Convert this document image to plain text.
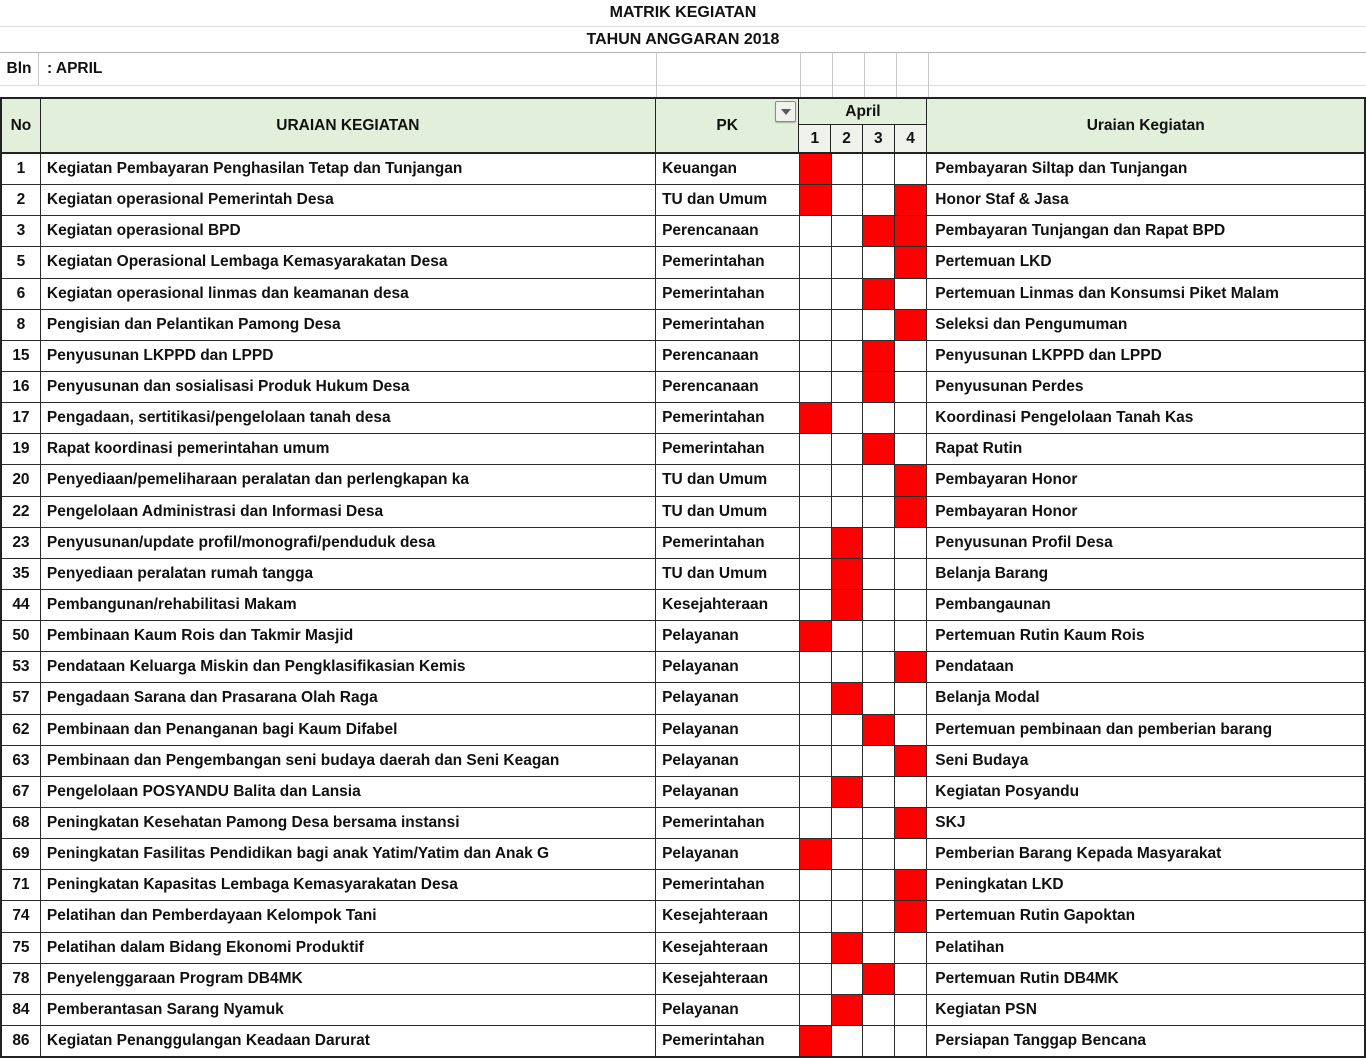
MATRIK KEGIATAN
TAHUN ANGGARAN 2018
Bln	: APRIL
No	URAIAN KEGIATAN	PK
April
1	2	3	4
Uraian Kegiatan
1	Kegiatan Pembayaran Penghasilan Tetap dan Tunjangan	Keuangan	Pembayaran Siltap dan Tunjangan
2	Kegiatan operasional Pemerintah Desa	TU dan Umum	Honor Staf & Jasa
3	Kegiatan operasional BPD	Perencanaan	Pembayaran Tunjangan dan Rapat BPD
5	Kegiatan Operasional Lembaga Kemasyarakatan Desa	Pemerintahan	Pertemuan LKD
6	Kegiatan operasional linmas dan keamanan desa	Pemerintahan	Pertemuan Linmas dan Konsumsi Piket Malam
8	Pengisian dan Pelantikan Pamong Desa	Pemerintahan	Seleksi dan Pengumuman
15	Penyusunan LKPPD dan LPPD	Perencanaan	Penyusunan LKPPD dan LPPD
16	Penyusunan dan sosialisasi Produk Hukum Desa	Perencanaan	Penyusunan Perdes
17	Pengadaan, sertitikasi/pengelolaan tanah desa	Pemerintahan	Koordinasi Pengelolaan Tanah Kas
19	Rapat koordinasi pemerintahan umum	Pemerintahan	Rapat Rutin
20	Penyediaan/pemeliharaan peralatan dan perlengkapan ka	TU dan Umum	Pembayaran Honor
22	Pengelolaan Administrasi dan Informasi Desa	TU dan Umum	Pembayaran Honor
23	Penyusunan/update profil/monografi/penduduk desa	Pemerintahan	Penyusunan Profil Desa
35	Penyediaan peralatan rumah tangga	TU dan Umum	Belanja Barang
44	Pembangunan/rehabilitasi Makam	Kesejahteraan	Pembangaunan
50	Pembinaan Kaum Rois dan Takmir Masjid	Pelayanan	Pertemuan Rutin Kaum Rois
53	Pendataan Keluarga Miskin dan Pengklasifikasian Kemis	Pelayanan	Pendataan
57	Pengadaan Sarana dan Prasarana Olah Raga	Pelayanan	Belanja Modal
62	Pembinaan dan Penanganan bagi Kaum Difabel	Pelayanan	Pertemuan pembinaan dan pemberian barang
63	Pembinaan dan Pengembangan seni budaya daerah dan Seni Keagan	Pelayanan	Seni Budaya
67	Pengelolaan POSYANDU Balita dan Lansia	Pelayanan	Kegiatan Posyandu
68	Peningkatan Kesehatan Pamong Desa bersama instansi	Pemerintahan	SKJ
69	Peningkatan Fasilitas Pendidikan bagi anak Yatim/Yatim dan Anak G	Pelayanan	Pemberian Barang Kepada Masyarakat
71	Peningkatan Kapasitas Lembaga Kemasyarakatan Desa	Pemerintahan	Peningkatan LKD
74	Pelatihan dan Pemberdayaan Kelompok Tani	Kesejahteraan	Pertemuan Rutin Gapoktan
75	Pelatihan dalam Bidang Ekonomi Produktif	Kesejahteraan	Pelatihan
78	Penyelenggaraan Program DB4MK	Kesejahteraan	Pertemuan Rutin DB4MK
84	Pemberantasan Sarang Nyamuk	Pelayanan	Kegiatan PSN
86	Kegiatan Penanggulangan Keadaan Darurat	Pemerintahan	Persiapan Tanggap Bencana
